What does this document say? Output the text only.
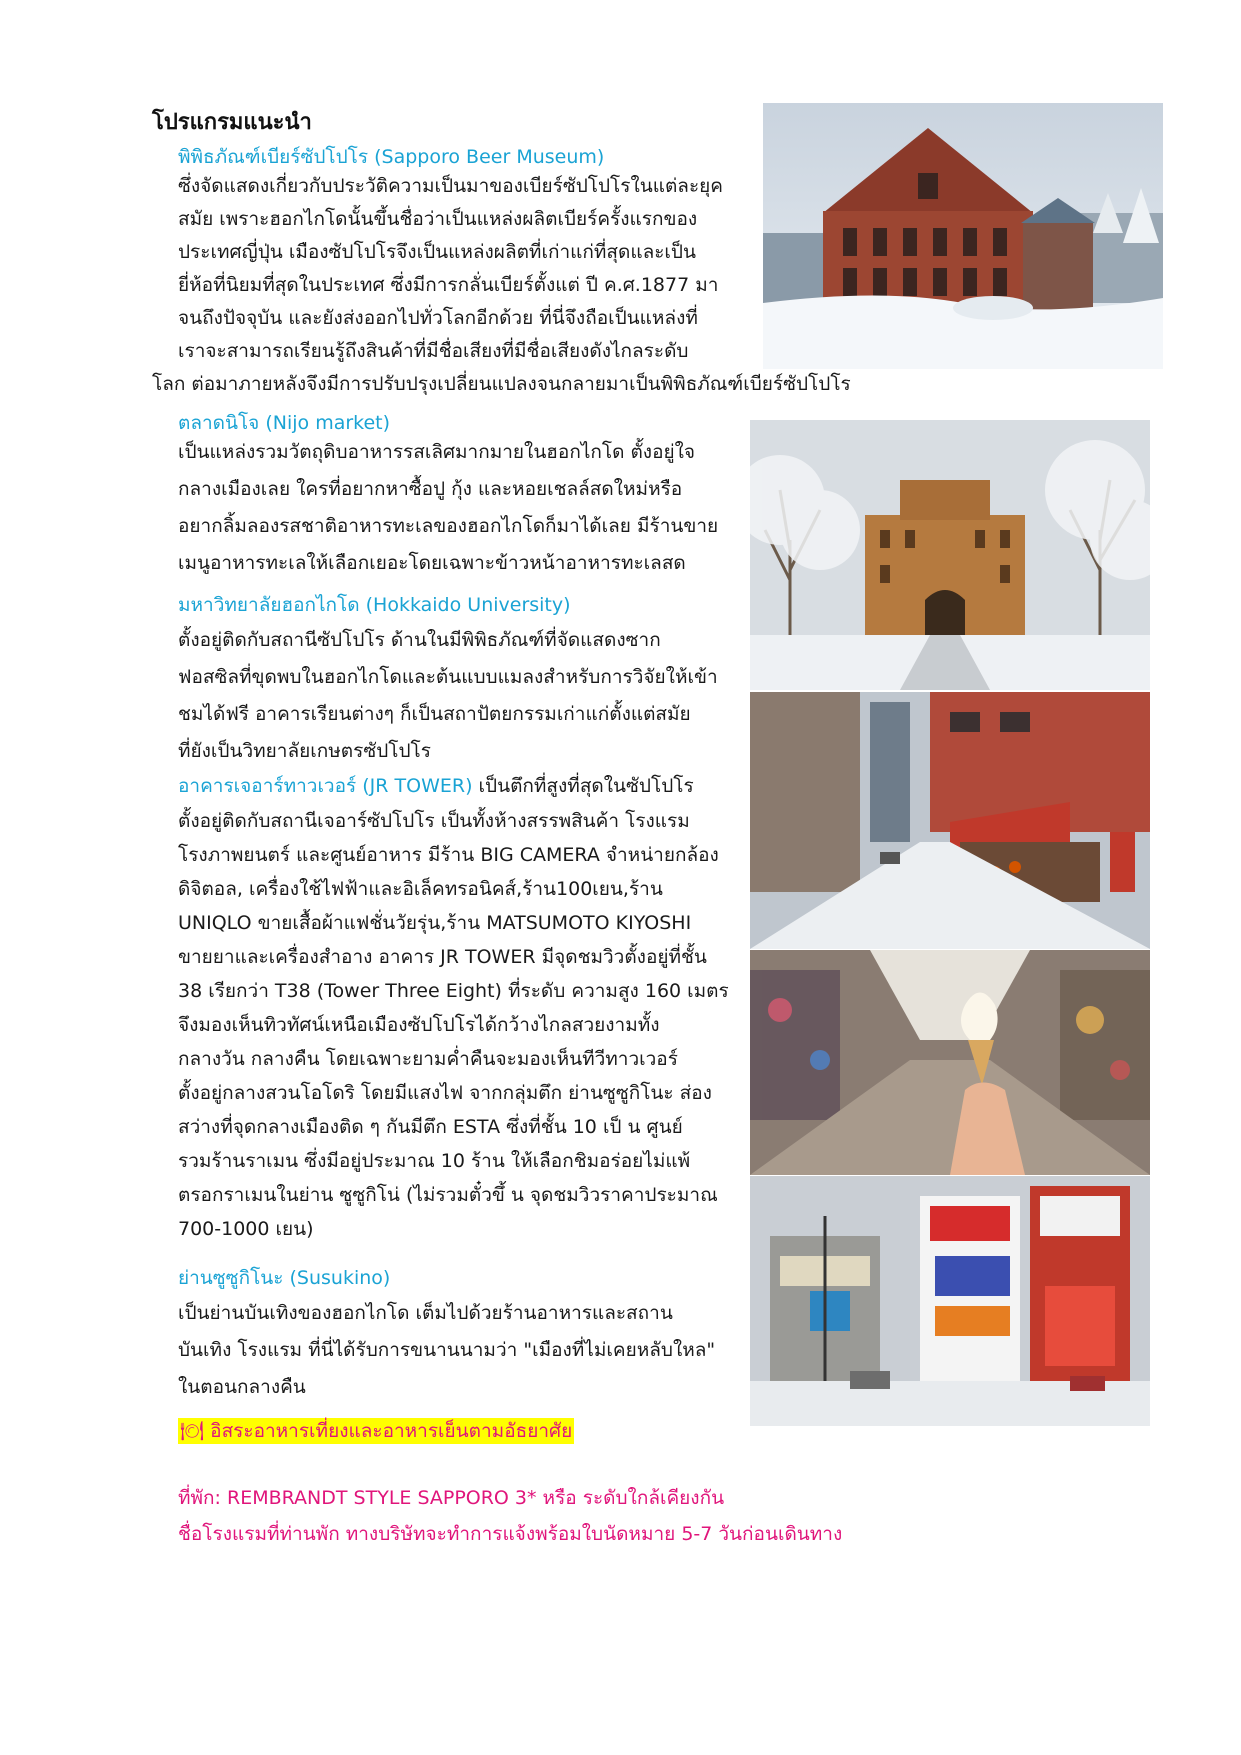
โปรแกรมแนะนำ
พิพิธภัณฑ์เบียร์ซัปโปโร (Sapporo Beer Museum)
ซึ่งจัดแสดงเกี่ยวกับประวัติความเป็นมาของเบียร์ซัปโปโรในแต่ละยุค
สมัย เพราะฮอกไกโดนั้นขึ้นชื่อว่าเป็นแหล่งผลิตเบียร์ครั้งแรกของ
ประเทศญี่ปุ่น เมืองซัปโปโรจึงเป็นแหล่งผลิตที่เก่าแก่ที่สุดและเป็น
ยี่ห้อที่นิยมที่สุดในประเทศ ซึ่งมีการกลั่นเบียร์ตั้งแต่ ปี ค.ศ.1877 มา
จนถึงปัจจุบัน และยังส่งออกไปทั่วโลกอีกด้วย ที่นี่จึงถือเป็นแหล่งที่
เราจะสามารถเรียนรู้ถึงสินค้าที่มีชื่อเสียงที่มีชื่อเสียงดังไกลระดับ
โลก ต่อมาภายหลังจึงมีการปรับปรุงเปลี่ยนแปลงจนกลายมาเป็นพิพิธภัณฑ์เบียร์ซัปโปโร
ตลาดนิโจ (Nijo market)
เป็นแหล่งรวมวัตถุดิบอาหารรสเลิศมากมายในฮอกไกโด ตั้งอยู่ใจ
กลางเมืองเลย ใครที่อยากหาซื้อปู กุ้ง และหอยเชลล์สดใหม่หรือ
อยากลิ้มลองรสชาติอาหารทะเลของฮอกไกโดก็มาได้เลย มีร้านขาย
เมนูอาหารทะเลให้เลือกเยอะโดยเฉพาะข้าวหน้าอาหารทะเลสด
มหาวิทยาลัยฮอกไกโด (Hokkaido University)
ตั้งอยู่ติดกับสถานีซัปโปโร ด้านในมีพิพิธภัณฑ์ที่จัดแสดงซาก
ฟอสซิลที่ขุดพบในฮอกไกโดและต้นแบบแมลงสำหรับการวิจัยให้เข้า
ชมได้ฟรี อาคารเรียนต่างๆ ก็เป็นสถาปัตยกรรมเก่าแก่ตั้งแต่สมัย
ที่ยังเป็นวิทยาลัยเกษตรซัปโปโร
อาคารเจอาร์ทาวเวอร์ (JR TOWER) เป็นตึกที่สูงที่สุดในซัปโปโร
ตั้งอยู่ติดกับสถานีเจอาร์ซัปโปโร เป็นทั้งห้างสรรพสินค้า โรงแรม
โรงภาพยนตร์ และศูนย์อาหาร มีร้าน BIG CAMERA จำหน่ายกล้อง
ดิจิตอล, เครื่องใช้ไฟฟ้าและอิเล็คทรอนิคส์,ร้าน100เยน,ร้าน
UNIQLO ขายเสื้อผ้าแฟชั่นวัยรุ่น,ร้าน MATSUMOTO KIYOSHI
ขายยาและเครื่องสำอาง อาคาร JR TOWER มีจุดชมวิวตั้งอยู่ที่ชั้น
38 เรียกว่า T38 (Tower Three Eight) ที่ระดับ ความสูง 160 เมตร
จึงมองเห็นทิวทัศน์เหนือเมืองซัปโปโรได้กว้างไกลสวยงามทั้ง
กลางวัน กลางคืน โดยเฉพาะยามค่ำคืนจะมองเห็นทีวีทาวเวอร์
ตั้งอยู่กลางสวนโอโดริ โดยมีแสงไฟ จากกลุ่มตึก ย่านซูซูกิโนะ ส่อง
สว่างที่จุดกลางเมืองติด ๆ กันมีตึก ESTA ซึ่งที่ชั้น 10 เป็ น ศูนย์
รวมร้านราเมน ซึ่งมีอยู่ประมาณ 10 ร้าน ให้เลือกชิมอร่อยไม่แพ้
ตรอกราเมนในย่าน ซูซูกิโน่ (ไม่รวมตั๋วขึ้ น จุดชมวิวราคาประมาณ
700-1000 เยน)
ย่านซูซูกิโนะ (Susukino)
เป็นย่านบันเทิงของฮอกไกโด เต็มไปด้วยร้านอาหารและสถาน
บันเทิง โรงแรม ที่นี่ได้รับการขนานนามว่า "เมืองที่ไม่เคยหลับใหล"
ในตอนกลางคืน
🍽 อิสระอาหารเที่ยงและอาหารเย็นตามอัธยาศัย
ที่พัก: REMBRANDT STYLE SAPPORO 3* หรือ ระดับใกล้เคียงกัน
ชื่อโรงแรมที่ท่านพัก ทางบริษัทจะทำการแจ้งพร้อมใบนัดหมาย 5-7 วันก่อนเดินทาง
